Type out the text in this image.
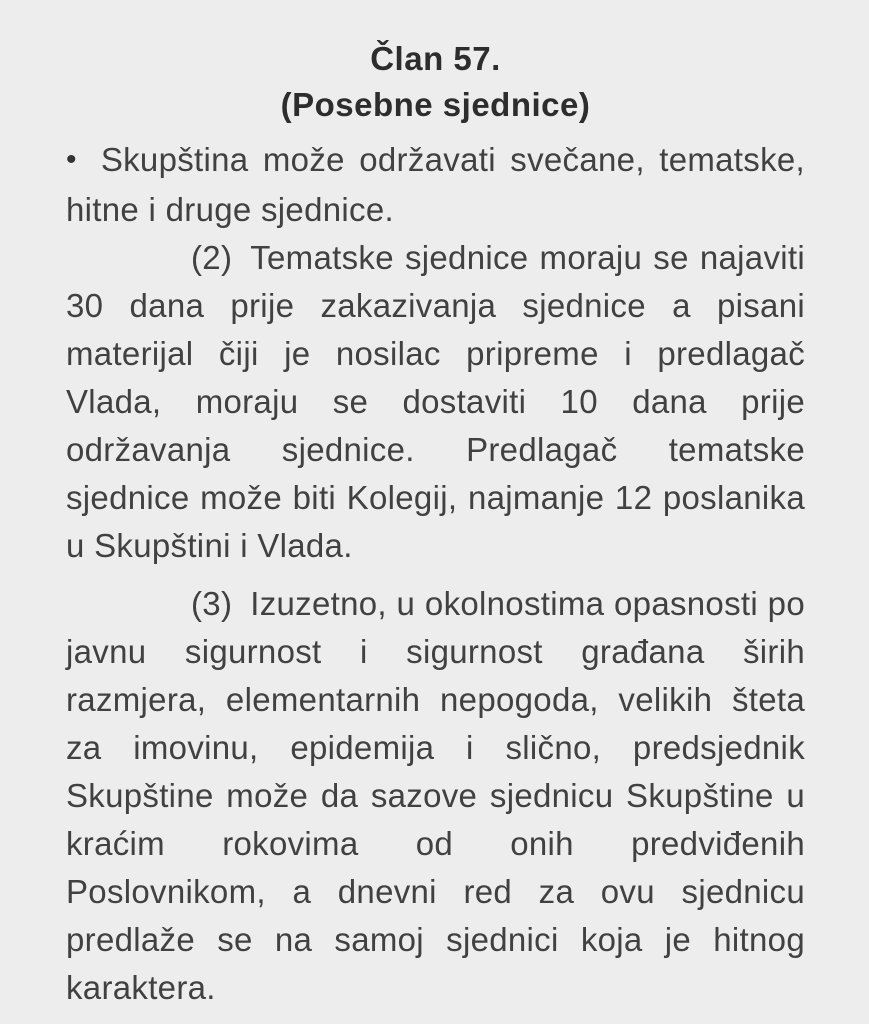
Član 57.
(Posebne sjednice)

• Skupština može održavati svečane, tematske, hitne i druge sjednice.

(2) Tematske sjednice moraju se najaviti 30 dana prije zakazivanja sjednice a pisani materijal čiji je nosilac pripreme i predlagač Vlada, moraju se dostaviti 10 dana prije održavanja sjednice. Predlagač tematske sjednice može biti Kolegij, najmanje 12 poslanika u Skupštini i Vlada.

(3) Izuzetno, u okolnostima opasnosti po javnu sigurnost i sigurnost građana širih razmjera, elementarnih nepogoda, velikih šteta za imovinu, epidemija i slično, predsjednik Skupštine može da sazove sjednicu Skupštine u kraćim rokovima od onih predviđenih Poslovnikom, a dnevni red za ovu sjednicu predlaže se na samoj sjednici koja je hitnog karaktera.
